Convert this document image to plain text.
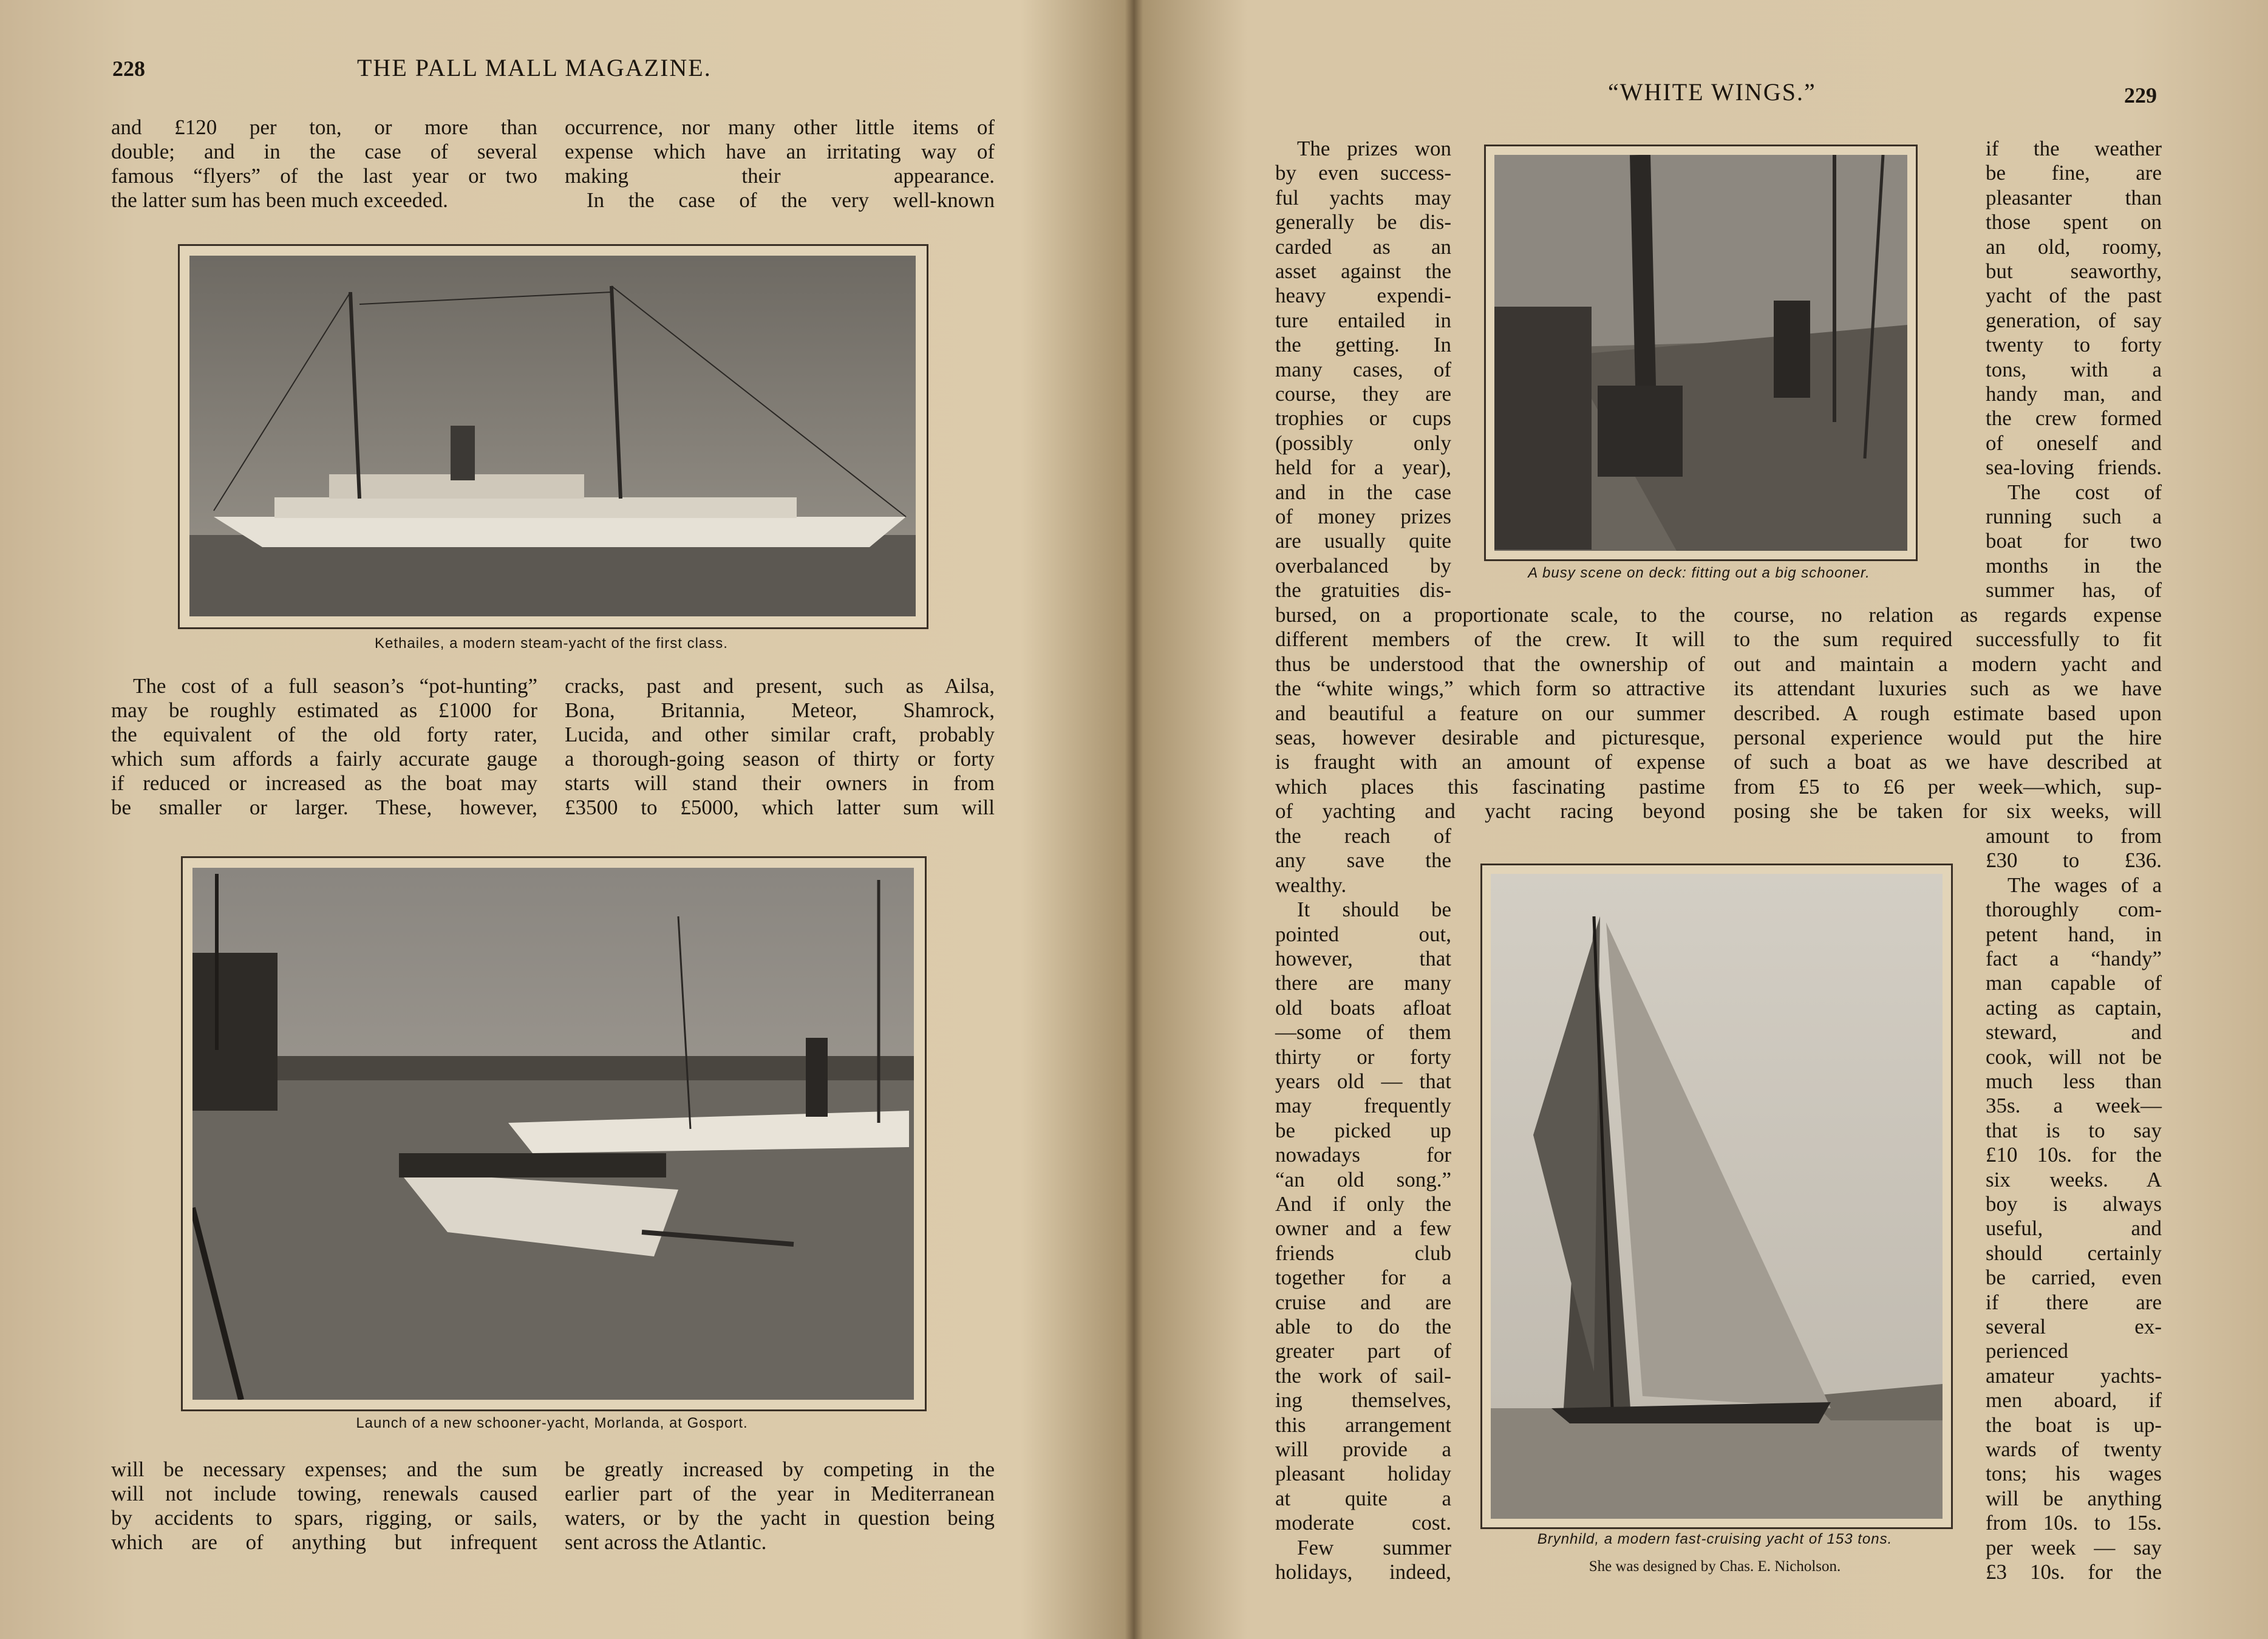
228	THE PALL MALL MAGAZINE.
and £120 per ton, or more than
double; and in the case of several
famous “flyers” of the last year or two
the latter sum has been much exceeded.
occurrence, nor many other little items of
expense which have an irritating way of
making their appearance.
In the case of the very well-known
Kethailes, a modern steam-yacht of the first class.
The cost of a full season’s “pot-hunting”
may be roughly estimated as £1000 for
the equivalent of the old forty rater,
which sum affords a fairly accurate gauge
if reduced or increased as the boat may
be smaller or larger. These, however,
cracks, past and present, such as Ailsa,
Bona, Britannia, Meteor, Shamrock,
Lucida, and other similar craft, probably
a thorough-going season of thirty or forty
starts will stand their owners in from
£3500 to £5000, which latter sum will
Launch of a new schooner-yacht, Morlanda, at Gosport.
will be necessary expenses; and the sum
will not include towing, renewals caused
by accidents to spars, rigging, or sails,
which are of anything but infrequent
be greatly increased by competing in the
earlier part of the year in Mediterranean
waters, or by the yacht in question being
sent across the Atlantic.
“WHITE WINGS.”	229
The prizes won
by even success-
ful yachts may
generally be dis-
carded as an
asset against the
heavy expendi-
ture entailed in
the getting. In
many cases, of
course, they are
trophies or cups
(possibly only
held for a year),
and in the case
of money prizes
are usually quite
overbalanced by
the gratuities dis-
A busy scene on deck: fitting out a big schooner.
if the weather
be fine, are
pleasanter than
those spent on
an old, roomy,
but seaworthy,
yacht of the past
generation, of say
twenty to forty
tons, with a
handy man, and
the crew formed
of oneself and
sea-loving friends.
The cost of
running such a
boat for two
months in the
summer has, of
bursed, on a proportionate scale, to the
different members of the crew. It will
thus be understood that the ownership of
the “white wings,” which form so attractive
and beautiful a feature on our summer
seas, however desirable and picturesque,
is fraught with an amount of expense
which places this fascinating pastime
of yachting and yacht racing beyond
course, no relation as regards expense
to the sum required successfully to fit
out and maintain a modern yacht and
its attendant luxuries such as we have
described. A rough estimate based upon
personal experience would put the hire
of such a boat as we have described at
from £5 to £6 per week—which, sup-
posing she be taken for six weeks, will
the reach of
any save the
wealthy.
It should be
pointed out,
however, that
there are many
old boats afloat
—some of them
thirty or forty
years old — that
may frequently
be picked up
nowadays for
“an old song.”
And if only the
owner and a few
friends club
together for a
cruise and are
able to do the
greater part of
the work of sail-
ing themselves,
this arrangement
will provide a
pleasant holiday
at quite a
moderate cost.
Few summer
holidays, indeed,
Brynhild, a modern fast-cruising yacht of 153 tons.
She was designed by Chas. E. Nicholson.
amount to from
£30 to £36.
The wages of a
thoroughly com-
petent hand, in
fact a “handy”
man capable of
acting as captain,
steward, and
cook, will not be
much less than
35s. a week—
that is to say
£10 10s. for the
six weeks. A
boy is always
useful, and
should certainly
be carried, even
if there are
several ex-
perienced
amateur yachts-
men aboard, if
the boat is up-
wards of twenty
tons; his wages
will be anything
from 10s. to 15s.
per week — say
£3 10s. for the
